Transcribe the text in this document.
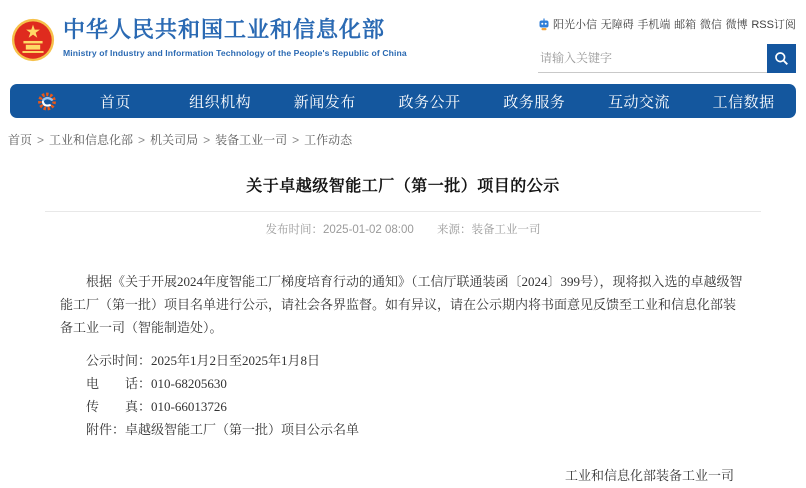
中华人民共和国工业和信息化部
Ministry of Industry and Information Technology of the People's Republic of China
阳光小信 无障碍 手机端 邮箱 微信 微博 RSS订阅
请输入关键字
首页	组织机构	新闻发布	政务公开	政务服务	互动交流	工信数据
首页 > 工业和信息化部 > 机关司局 > 装备工业一司 > 工作动态
关于卓越级智能工厂（第一批）项目的公示
发布时间：2025-01-02 08:00 来源：装备工业一司

根据《关于开展2024年度智能工厂梯度培育行动的通知》（工信厅联通装函〔2024〕399号），现将拟入选的卓越级智能工厂（第一批）项目名单进行公示，请社会各界监督。如有异议，请在公示期内将书面意见反馈至工业和信息化部装备工业一司（智能制造处）。

公示时间：2025年1月2日至2025年1月8日
电　　话：010-68205630
传　　真：010-66013726
附件：卓越级智能工厂（第一批）项目公示名单
工业和信息化部装备工业一司
